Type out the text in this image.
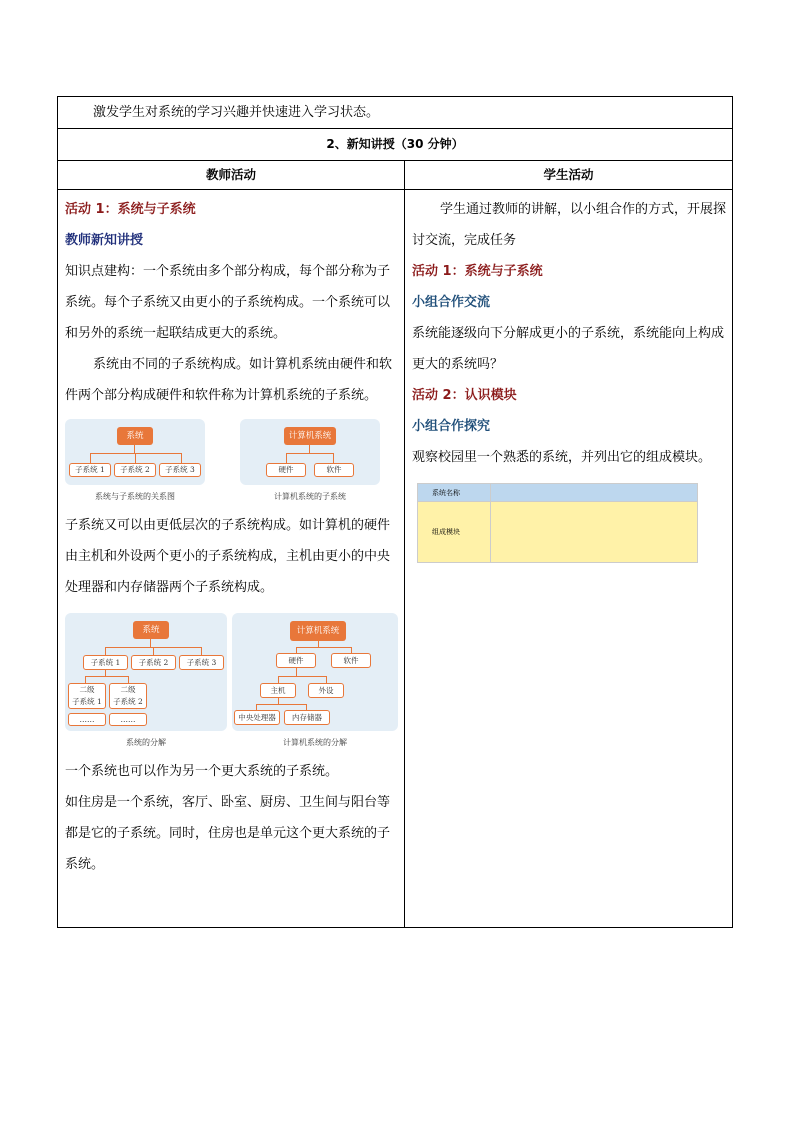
激发学生对系统的学习兴趣并快速进入学习状态。

2、新知讲授（30 分钟）

教师活动	学生活动

活动 1：系统与子系统

教师新知讲授

知识点建构：一个系统由多个部分构成，每个部分称为子系统。每个子系统又由更小的子系统构成。一个系统可以和另外的系统一起联结成更大的系统。

系统由不同的子系统构成。如计算机系统由硬件和软件两个部分构成硬件和软件称为计算机系统的子系统。

系统
子系统 1	子系统 2	子系统 3
系统与子系统的关系图
计算机系统
硬件	软件
计算机系统的子系统

子系统又可以由更低层次的子系统构成。如计算机的硬件由主机和外设两个更小的子系统构成，主机由更小的中央处理器和内存储器两个子系统构成。

系统
子系统 1	子系统 2	子系统 3
二级
子系统 1
二级
子系统 2
……	……
系统的分解
计算机系统
硬件	软件
主机	外设
中央处理器	内存储器
计算机系统的分解

一个系统也可以作为另一个更大系统的子系统。

如住房是一个系统，客厅、卧室、厨房、卫生间与阳台等都是它的子系统。同时，住房也是单元这个更大系统的子系统。

学生通过教师的讲解，以小组合作的方式，开展探讨交流，完成任务

活动 1：系统与子系统

小组合作交流

系统能逐级向下分解成更小的子系统，系统能向上构成更大的系统吗？

活动 2：认识模块

小组合作探究

观察校园里一个熟悉的系统，并列出它的组成模块。

系统名称	
组成模块	
